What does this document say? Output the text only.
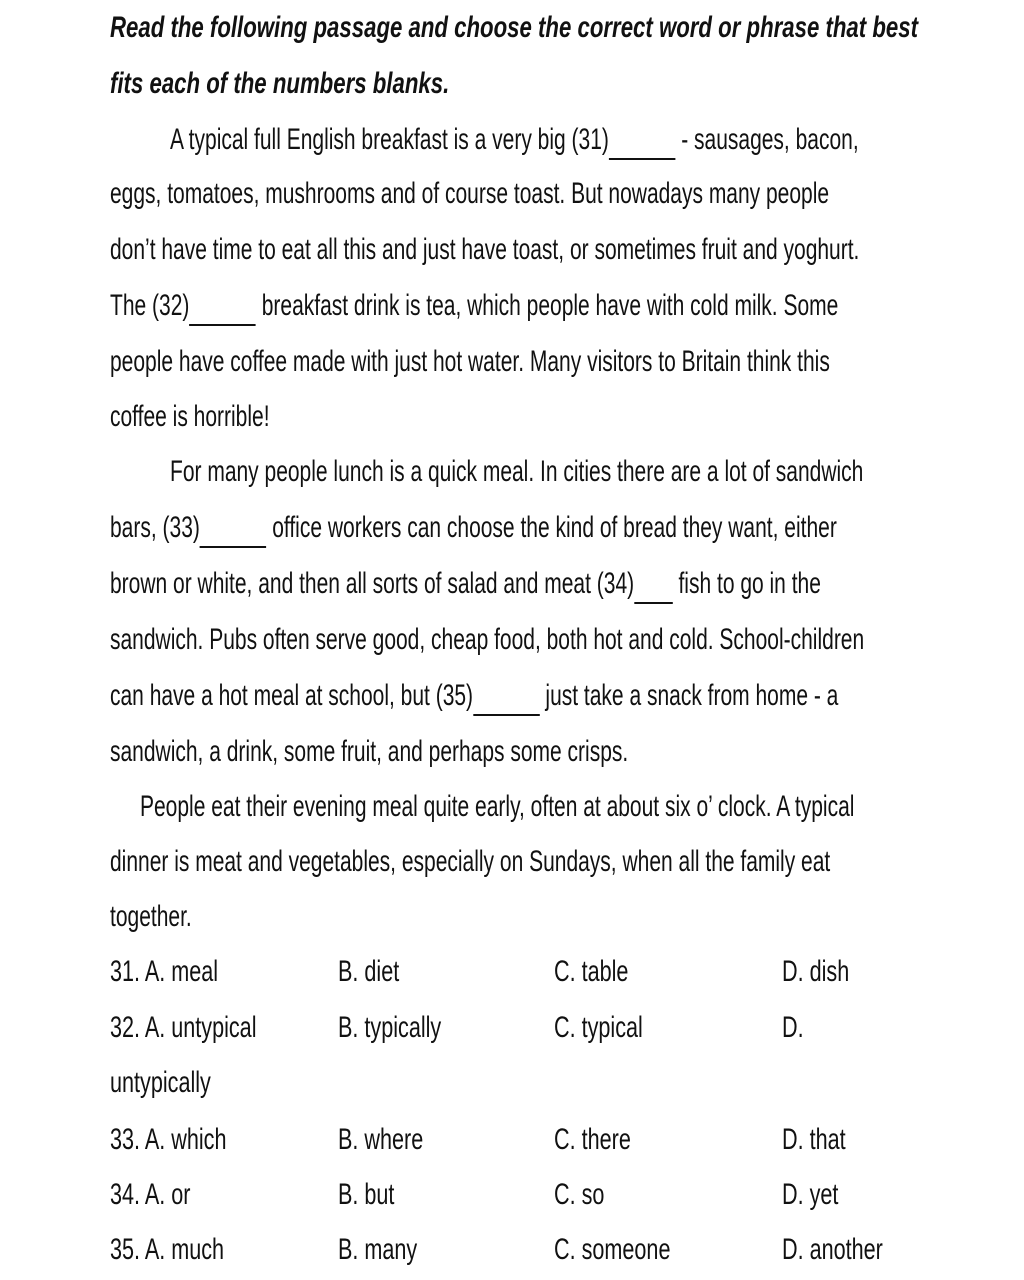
Read the following passage and choose the correct word or phrase that best
fits each of the numbers blanks.
A typical full English breakfast is a very big (31) - sausages, bacon,
eggs, tomatoes, mushrooms and of course toast. But nowadays many people
don’t have time to eat all this and just have toast, or sometimes fruit and yoghurt.
The (32) breakfast drink is tea, which people have with cold milk. Some
people have coffee made with just hot water. Many visitors to Britain think this
coffee is horrible!
For many people lunch is a quick meal. In cities there are a lot of sandwich
bars, (33) office workers can choose the kind of bread they want, either
brown or white, and then all sorts of salad and meat (34) fish to go in the
sandwich. Pubs often serve good, cheap food, both hot and cold. School-children
can have a hot meal at school, but (35) just take a snack from home - a
sandwich, a drink, some fruit, and perhaps some crisps.
People eat their evening meal quite early, often at about six o’ clock. A typical
dinner is meat and vegetables, especially on Sundays, when all the family eat
together.
31. A. meal	B. diet	C. table	D. dish
32. A. untypical	B. typically	C. typical	D.
untypically
33. A. which	B. where	C. there	D. that
34. A. or	B. but	C. so	D. yet
35. A. much	B. many	C. someone	D. another
